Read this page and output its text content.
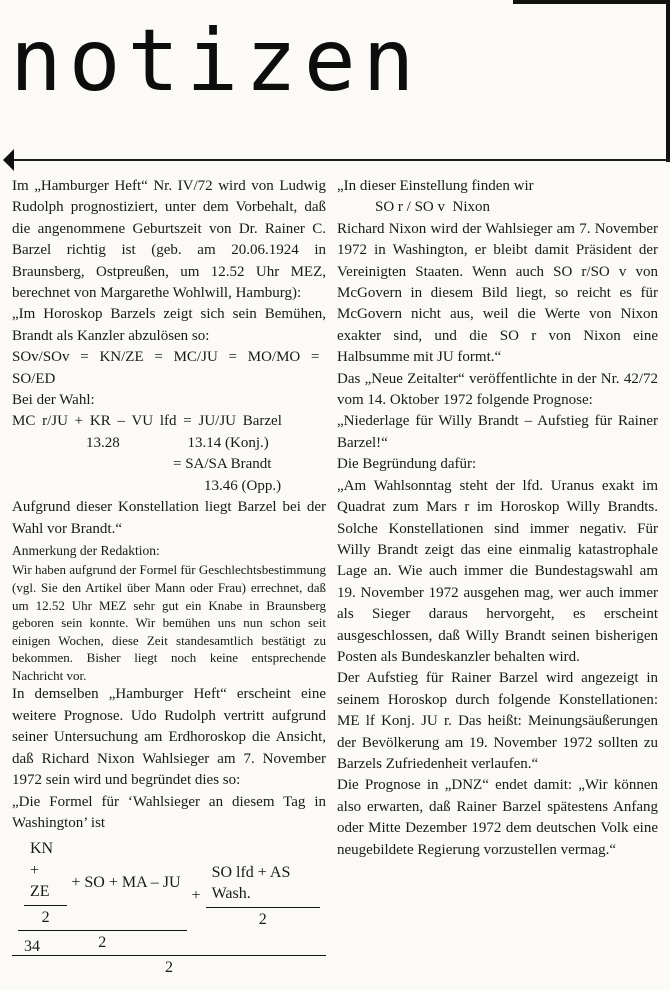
notizen

Im „Hamburger Heft“ Nr. IV/72 wird von Ludwig Rudolph prognostiziert, unter dem Vorbehalt, daß die angenommene Geburtszeit von Dr. Rainer C. Barzel richtig ist (geb. am 20.06.1924 in Braunsberg, Ostpreußen, um 12.52 Uhr MEZ, berechnet von Margarethe Wohlwill, Hamburg):

„Im Horoskop Barzels zeigt sich sein Bemühen, Brandt als Kanzler abzulösen so:

SOv/SOv = KN/ZE = MC/JU = MO/MO =

SO/ED

Bei der Wahl:

MC r/JU + KR – VU lfd = JU/JU Barzel
13.28	13.14 (Konj.)
= SA/SA Brandt
13.46 (Opp.)

Aufgrund dieser Konstellation liegt Barzel bei der Wahl vor Brandt.“

Anmerkung der Redaktion:

Wir haben aufgrund der Formel für Geschlechtsbestimmung (vgl. Sie den Artikel über Mann oder Frau) errechnet, daß um 12.52 Uhr MEZ sehr gut ein Knabe in Braunsberg geboren sein konnte. Wir bemühen uns nun schon seit einigen Wochen, diese Zeit standesamtlich bestätigt zu bekommen. Bisher liegt noch keine entsprechende Nachricht vor.

In demselben „Hamburger Heft“ erscheint eine weitere Prognose. Udo Rudolph vertritt aufgrund seiner Untersuchung am Erdhoroskop die Ansicht, daß Richard Nixon Wahlsieger am 7. November 1972 sein wird und begründet dies so:

„Die Formel für ‘Wahlsieger an diesem Tag in Washington’ ist

$\frac{KN + ZE}{2}$ + SO + MA – JU
2
+ $\frac{\text{SO lfd + AS Wash.}}{2}$
2

„In dieser Einstellung finden wir

SO r / SO v  Nixon

Richard Nixon wird der Wahlsieger am 7. November 1972 in Washington, er bleibt damit Präsident der Vereinigten Staaten. Wenn auch SO r/SO v von McGovern in diesem Bild liegt, so reicht es für McGovern nicht aus, weil die Werte von Nixon exakter sind, und die SO r von Nixon eine Halbsumme mit JU formt.“

Das „Neue Zeitalter“ veröffentlichte in der Nr. 42/72 vom 14. Oktober 1972 folgende Prognose:

„Niederlage für Willy Brandt – Aufstieg für Rainer Barzel!“

Die Begründung dafür:

„Am Wahlsonntag steht der lfd. Uranus exakt im Quadrat zum Mars r im Horoskop Willy Brandts. Solche Konstellationen sind immer negativ. Für Willy Brandt zeigt das eine einmalig katastrophale Lage an. Wie auch immer die Bundestagswahl am 19. November 1972 ausgehen mag, wer auch immer als Sieger daraus hervorgeht, es erscheint ausgeschlossen, daß Willy Brandt seinen bisherigen Posten als Bundeskanzler behalten wird.

Der Aufstieg für Rainer Barzel wird angezeigt in seinem Horoskop durch folgende Konstellationen: ME lf Konj. JU r. Das heißt: Meinungsäußerungen der Bevölkerung am 19. November 1972 sollten zu Barzels Zufriedenheit verlaufen.“

Die Prognose in „DNZ“ endet damit: „Wir können also erwarten, daß Rainer Barzel spätestens Anfang oder Mitte Dezember 1972 dem deutschen Volk eine neugebildete Regierung vorzustellen vermag.“

34
